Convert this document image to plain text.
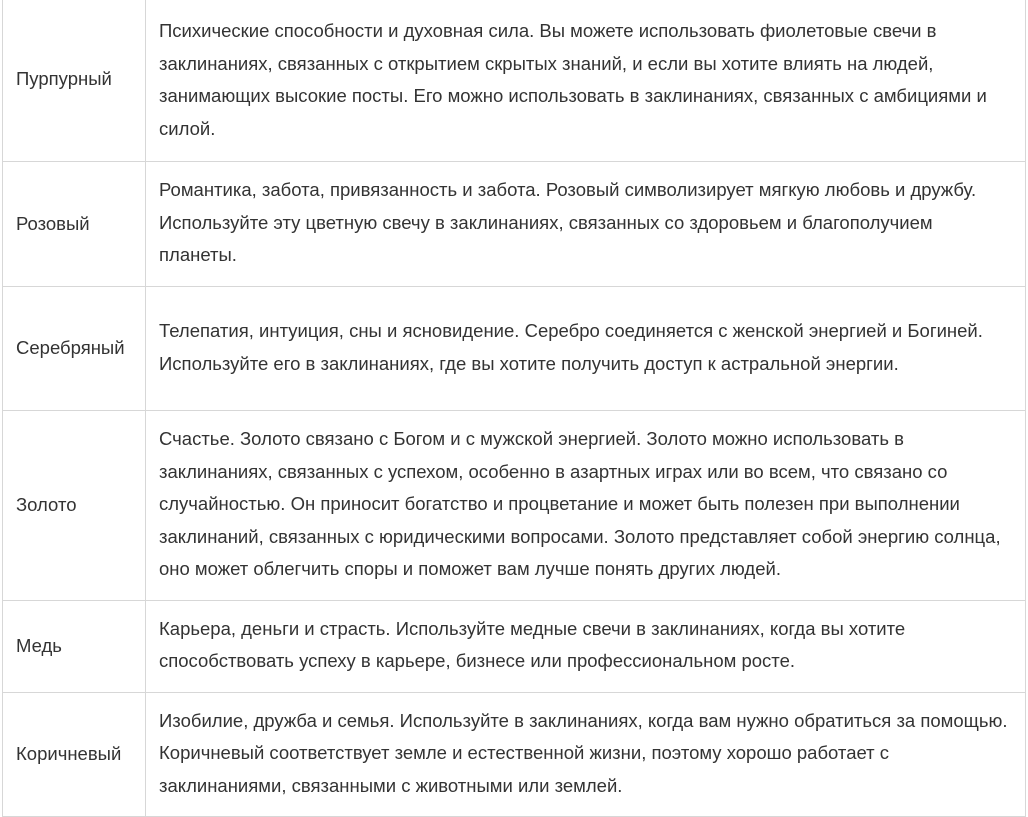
Пурпурный	Психические способности и духовная сила. Вы можете использовать фиолетовые свечи в заклинаниях, связанных с открытием скрытых знаний, и если вы хотите влиять на людей, занимающих высокие посты. Его можно использовать в заклинаниях, связанных с амбициями и силой.

Розовый	Романтика, забота, привязанность и забота. Розовый символизирует мягкую любовь и дружбу. Используйте эту цветную свечу в заклинаниях, связанных со здоровьем и благополучием планеты.

Серебряный	Телепатия, интуиция, сны и ясновидение. Серебро соединяется с женской энергией и Богиней. Используйте его в заклинаниях, где вы хотите получить доступ к астральной энергии.

Золото	Счастье. Золото связано с Богом и с мужской энергией. Золото можно использовать в заклинаниях, связанных с успехом, особенно в азартных играх или во всем, что связано со случайностью. Он приносит богатство и процветание и может быть полезен при выполнении заклинаний, связанных с юридическими вопросами. Золото представляет собой энергию солнца, оно может облегчить споры и поможет вам лучше понять других людей.

Медь	Карьера, деньги и страсть. Используйте медные свечи в заклинаниях, когда вы хотите способствовать успеху в карьере, бизнесе или профессиональном росте.

Коричневый	Изобилие, дружба и семья. Используйте в заклинаниях, когда вам нужно обратиться за помощью. Коричневый соответствует земле и естественной жизни, поэтому хорошо работает с заклинаниями, связанными с животными или землей.
